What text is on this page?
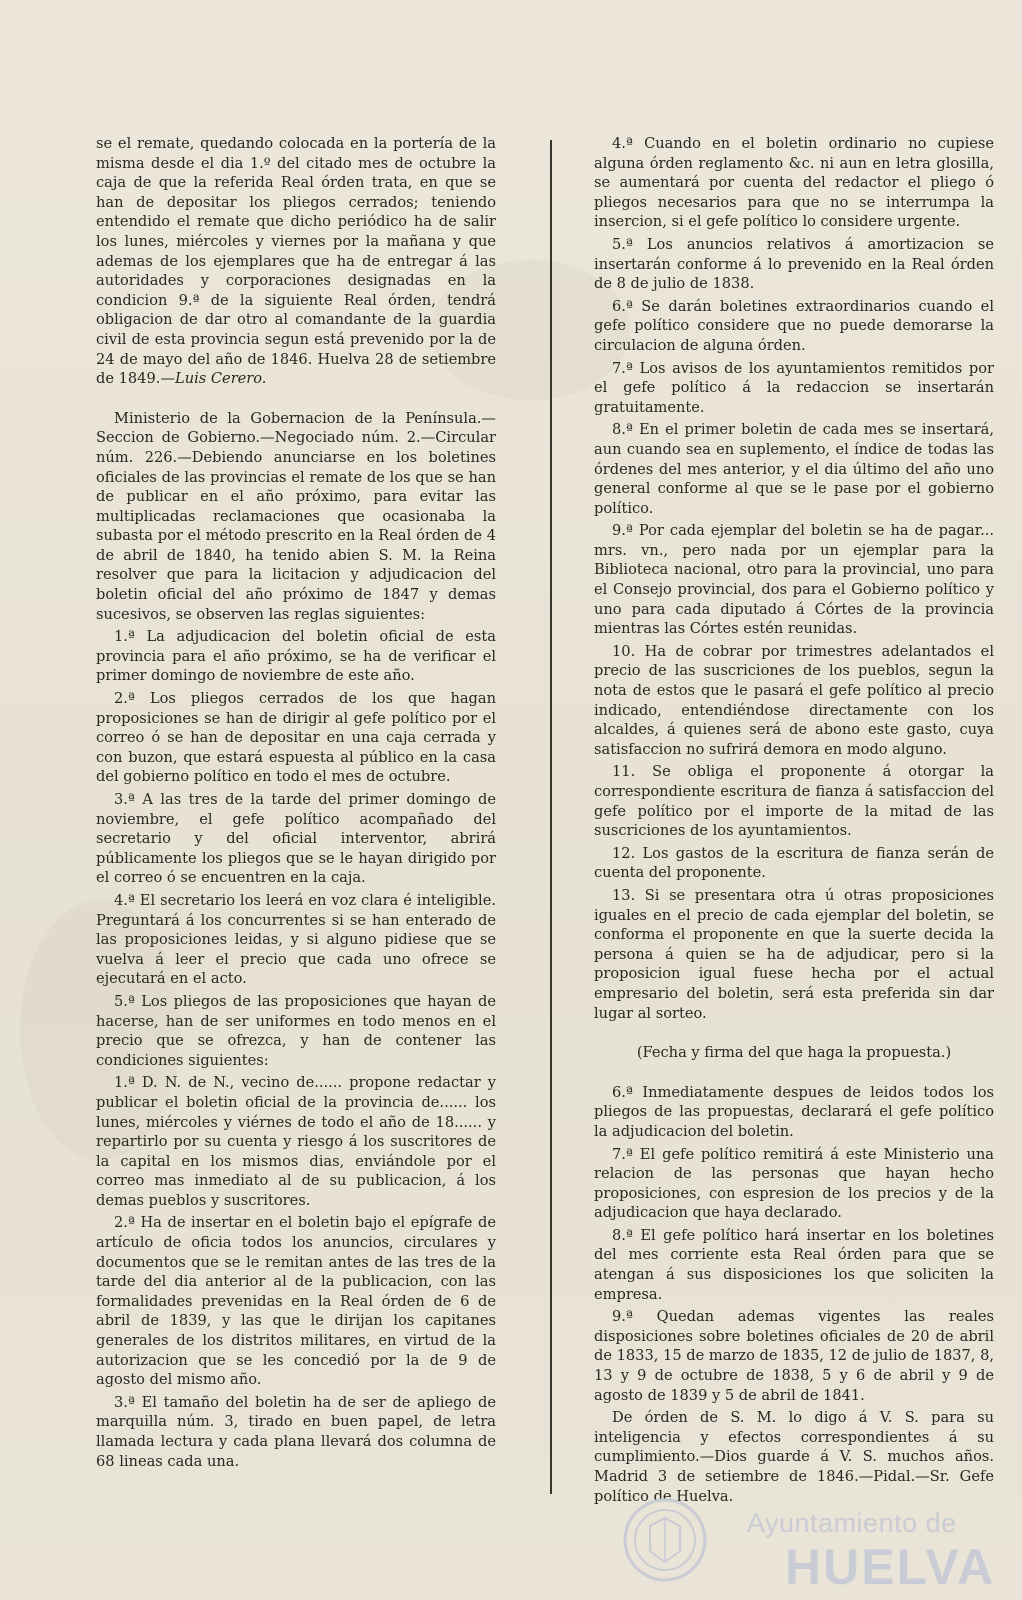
se el remate, quedando colocada en la portería de la misma desde el dia 1.º del citado mes de octubre la caja de que la referida Real órden trata, en que se han de depositar los pliegos cerrados; teniendo entendido el remate que dicho periódico ha de salir los lunes, miércoles y viernes por la mañana y que ademas de los ejemplares que ha de entregar á las autoridades y corporaciones designadas en la condicion 9.ª de la siguiente Real órden, tendrá obligacion de dar otro al comandante de la guardia civil de esta provincia segun está prevenido por la de 24 de mayo del año de 1846. Huelva 28 de setiembre de 1849.—Luis Cerero.

Ministerio de la Gobernacion de la Península.—Seccion de Gobierno.—Negociado núm. 2.—Circular núm. 226.—Debiendo anunciarse en los boletines oficiales de las provincias el remate de los que se han de publicar en el año próximo, para evitar las multiplicadas reclamaciones que ocasionaba la subasta por el método prescrito en la Real órden de 4 de abril de 1840, ha tenido abien S. M. la Reina resolver que para la licitacion y adjudicacion del boletin oficial del año próximo de 1847 y demas sucesivos, se observen las reglas siguientes:

1.ª La adjudicacion del boletin oficial de esta provincia para el año próximo, se ha de verificar el primer domingo de noviembre de este año.

2.ª Los pliegos cerrados de los que hagan proposiciones se han de dirigir al gefe político por el correo ó se han de depositar en una caja cerrada y con buzon, que estará espuesta al público en la casa del gobierno político en todo el mes de octubre.

3.ª A las tres de la tarde del primer domingo de noviembre, el gefe político acompañado del secretario y del oficial interventor, abrirá públicamente los pliegos que se le hayan dirigido por el correo ó se encuentren en la caja.

4.ª El secretario los leerá en voz clara é inteligible. Preguntará á los concurrentes si se han enterado de las proposiciones leidas, y si alguno pidiese que se vuelva á leer el precio que cada uno ofrece se ejecutará en el acto.

5.ª Los pliegos de las proposiciones que hayan de hacerse, han de ser uniformes en todo menos en el precio que se ofrezca, y han de contener las condiciones siguientes:

1.ª D. N. de N., vecino de...... propone redactar y publicar el boletin oficial de la provincia de...... los lunes, miércoles y viérnes de todo el año de 18...... y repartirlo por su cuenta y riesgo á los suscritores de la capital en los mismos dias, enviándole por el correo mas inmediato al de su publicacion, á los demas pueblos y suscritores.

2.ª Ha de insertar en el boletin bajo el epígrafe de artículo de oficia todos los anuncios, circulares y documentos que se le remitan antes de las tres de la tarde del dia anterior al de la publicacion, con las formalidades prevenidas en la Real órden de 6 de abril de 1839, y las que le dirijan los capitanes generales de los distritos militares, en virtud de la autorizacion que se les concedió por la de 9 de agosto del mismo año.

3.ª El tamaño del boletin ha de ser de apliego de marquilla núm. 3, tirado en buen papel, de letra llamada lectura y cada plana llevará dos columna de 68 lineas cada una.

4.ª Cuando en el boletin ordinario no cupiese alguna órden reglamento &c. ni aun en letra glosilla, se aumentará por cuenta del redactor el pliego ó pliegos necesarios para que no se interrumpa la insercion, si el gefe político lo considere urgente.

5.ª Los anuncios relativos á amortizacion se insertarán conforme á lo prevenido en la Real órden de 8 de julio de 1838.

6.ª Se darán boletines extraordinarios cuando el gefe político considere que no puede demorarse la circulacion de alguna órden.

7.ª Los avisos de los ayuntamientos remitidos por el gefe político á la redaccion se insertarán gratuitamente.

8.ª En el primer boletin de cada mes se insertará, aun cuando sea en suplemento, el índice de todas las órdenes del mes anterior, y el dia último del año uno general conforme al que se le pase por el gobierno político.

9.ª Por cada ejemplar del boletin se ha de pagar... mrs. vn., pero nada por un ejemplar para la Biblioteca nacional, otro para la provincial, uno para el Consejo provincial, dos para el Gobierno político y uno para cada diputado á Córtes de la provincia mientras las Córtes estén reunidas.

10. Ha de cobrar por trimestres adelantados el precio de las suscriciones de los pueblos, segun la nota de estos que le pasará el gefe político al precio indicado, entendiéndose directamente con los alcaldes, á quienes será de abono este gasto, cuya satisfaccion no sufrirá demora en modo alguno.

11. Se obliga el proponente á otorgar la correspondiente escritura de fianza á satisfaccion del gefe político por el importe de la mitad de las suscriciones de los ayuntamientos.

12. Los gastos de la escritura de fianza serán de cuenta del proponente.

13. Si se presentara otra ú otras proposiciones iguales en el precio de cada ejemplar del boletin, se conforma el proponente en que la suerte decida la persona á quien se ha de adjudicar, pero si la proposicion igual fuese hecha por el actual empresario del boletin, será esta preferida sin dar lugar al sorteo.

(Fecha y firma del que haga la propuesta.)

6.ª Inmediatamente despues de leidos todos los pliegos de las propuestas, declarará el gefe político la adjudicacion del boletin.

7.ª El gefe político remitirá á este Ministerio una relacion de las personas que hayan hecho proposiciones, con espresion de los precios y de la adjudicacion que haya declarado.

8.ª El gefe político hará insertar en los boletines del mes corriente esta Real órden para que se atengan á sus disposiciones los que soliciten la empresa.

9.ª Quedan ademas vigentes las reales disposiciones sobre boletines oficiales de 20 de abril de 1833, 15 de marzo de 1835, 12 de julio de 1837, 8, 13 y 9 de octubre de 1838, 5 y 6 de abril y 9 de agosto de 1839 y 5 de abril de 1841.

De órden de S. M. lo digo á V. S. para su inteligencia y efectos correspondientes á su cumplimiento.—Dios guarde á V. S. muchos años. Madrid 3 de setiembre de 1846.—Pidal.—Sr. Gefe político de Huelva.

Ayuntamiento de
HUELVA
